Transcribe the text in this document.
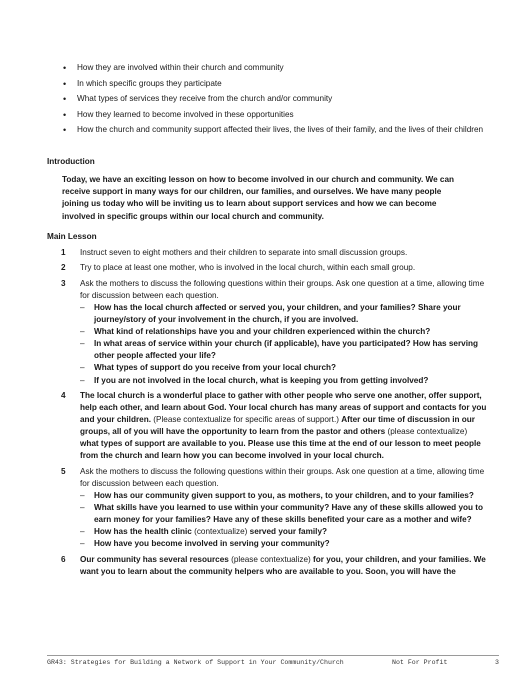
• How they are involved within their church and community
• In which specific groups they participate
• What types of services they receive from the church and/or community
• How they learned to become involved in these opportunities
• How the church and community support affected their lives, the lives of their family, and the lives of their children
Introduction

Today, we have an exciting lesson on how to become involved in our church and community. We can receive support in many ways for our children, our families, and ourselves. We have many people joining us today who will be inviting us to learn about support services and how we can become involved in specific groups within our local church and community.

Main Lesson
1	Instruct seven to eight mothers and their children to separate into small discussion groups.
2	Try to place at least one mother, who is involved in the local church, within each small group.
3	Ask the mothers to discuss the following questions within their groups. Ask one question at a time, allowing time for discussion between each question.
– How has the local church affected or served you, your children, and your families? Share your journey/story of your involvement in the church, if you are involved.
– What kind of relationships have you and your children experienced within the church?
– In what areas of service within your church (if applicable), have you participated? How has serving other people affected your life?
– What types of support do you receive from your local church?
– If you are not involved in the local church, what is keeping you from getting involved?
4	The local church is a wonderful place to gather with other people who serve one another, offer support, help each other, and learn about God. Your local church has many areas of support and contacts for you and your children. (Please contextualize for specific areas of support.) After our time of discussion in our groups, all of you will have the opportunity to learn from the pastor and others (please contextualize) what types of support are available to you. Please use this time at the end of our lesson to meet people from the church and learn how you can become involved in your local church.
5	Ask the mothers to discuss the following questions within their groups. Ask one question at a time, allowing time for discussion between each question.
– How has our community given support to you, as mothers, to your children, and to your families?
– What skills have you learned to use within your community? Have any of these skills allowed you to earn money for your families? Have any of these skills benefited your care as a mother and wife?
– How has the health clinic (contextualize) served your family?
– How have you become involved in serving your community?
6	Our community has several resources (please contextualize) for you, your children, and your families. We want you to learn about the community helpers who are available to you. Soon, you will have the
GR43: Strategies for Building a Network of Support in Your Community/Church	Not For Profit	3
